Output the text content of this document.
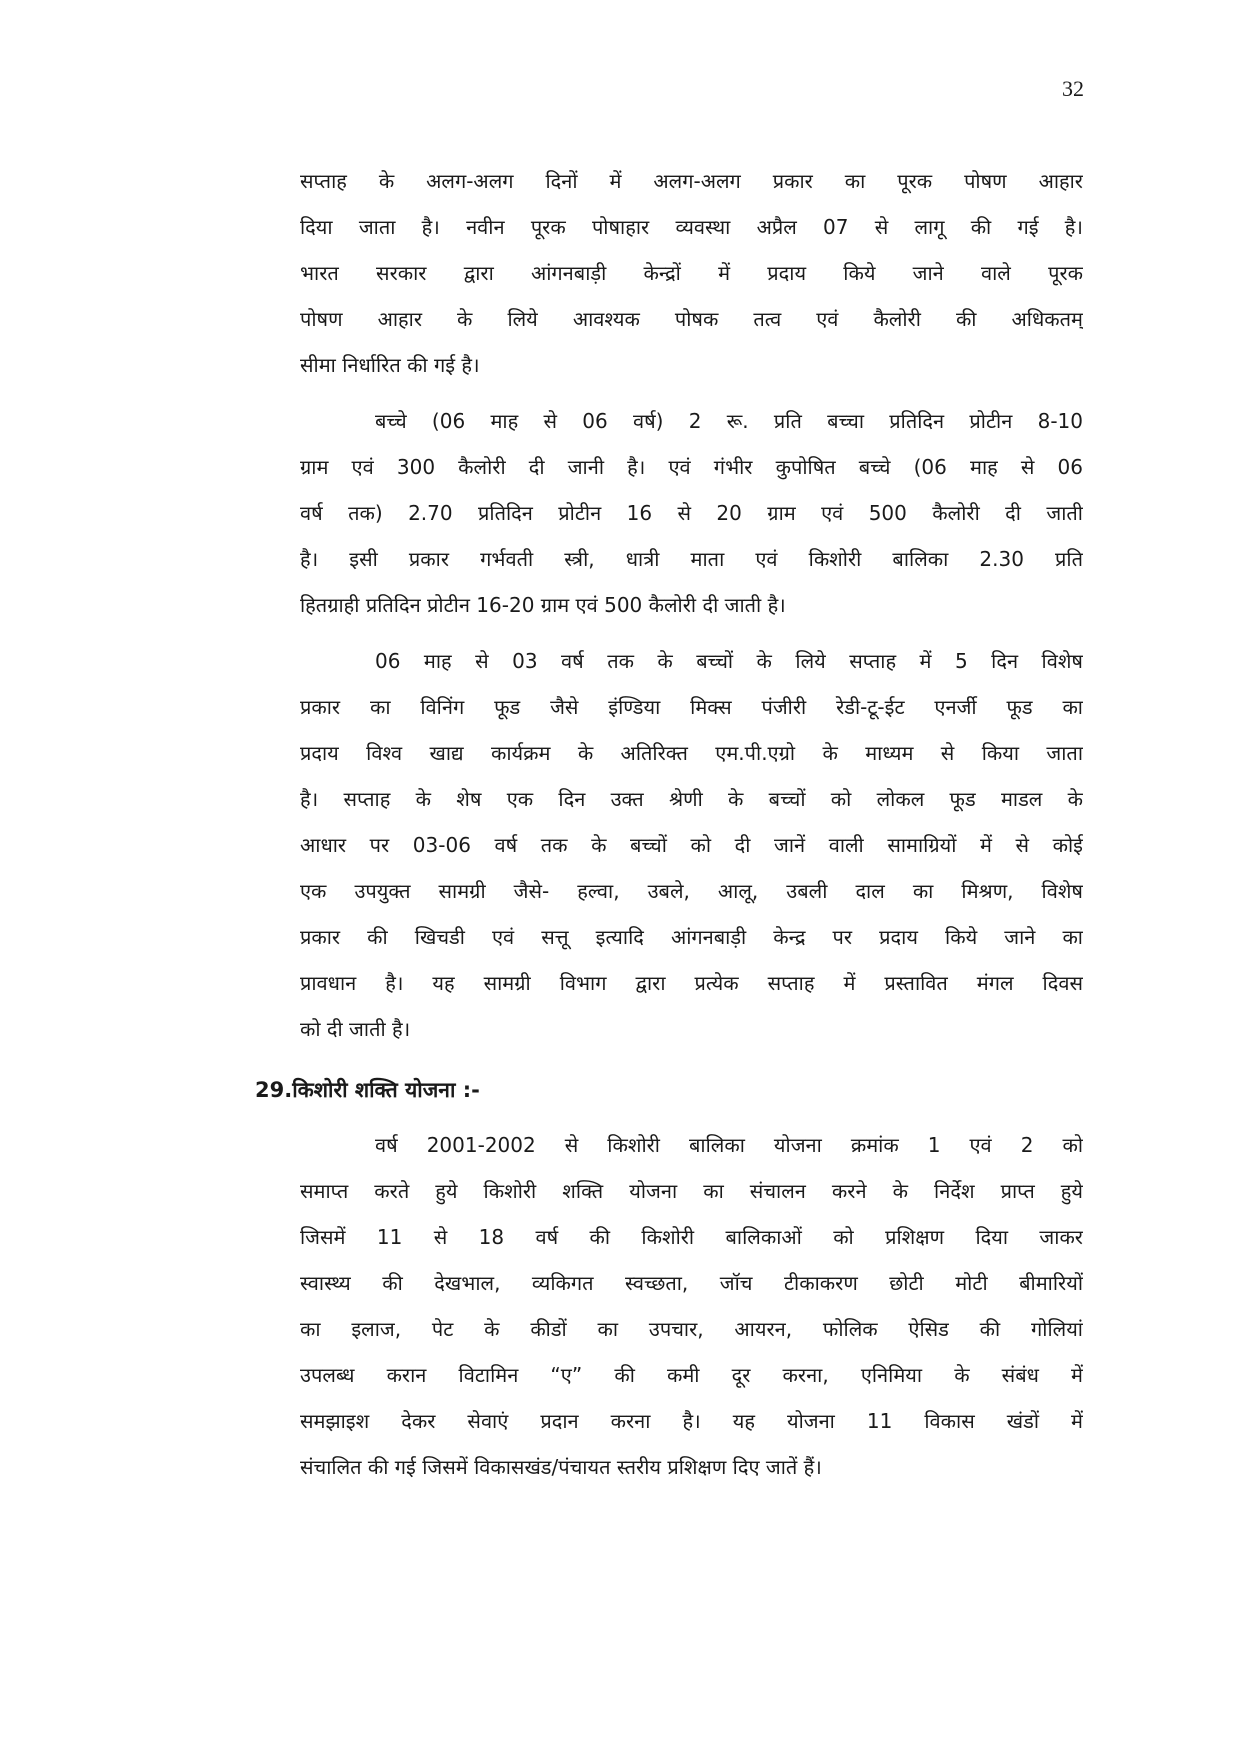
32
सप्ताह के अलग-अलग दिनों में अलग-अलग प्रकार का पूरक पोषण आहार
दिया जाता है। नवीन पूरक पोषाहार व्यवस्था अप्रैल 07 से लागू की गई है।
भारत सरकार द्वारा आंगनबाड़ी केन्द्रों में प्रदाय किये जाने वाले पूरक
पोषण आहार के लिये आवश्यक पोषक तत्व एवं कैलोरी की अधिकतम्
सीमा निर्धारित की गई है।
बच्चे (06 माह से 06 वर्ष) 2 रू. प्रति बच्चा प्रतिदिन प्रोटीन 8-10
ग्राम एवं 300 कैलोरी दी जानी है। एवं गंभीर कुपोषित बच्चे (06 माह से 06
वर्ष तक) 2.70 प्रतिदिन प्रोटीन 16 से 20 ग्राम एवं 500 कैलोरी दी जाती
है। इसी प्रकार गर्भवती स्त्री, धात्री माता एवं किशोरी बालिका 2.30 प्रति
हितग्राही प्रतिदिन प्रोटीन 16-20 ग्राम एवं 500 कैलोरी दी जाती है।
06 माह से 03 वर्ष तक के बच्चों के लिये सप्ताह में 5 दिन विशेष
प्रकार का विनिंग फूड जैसे इंण्डिया मिक्स पंजीरी रेडी-टू-ईट एनर्जी फूड का
प्रदाय विश्व खाद्य कार्यक्रम के अतिरिक्त एम.पी.एग्रो के माध्यम से किया जाता
है। सप्ताह के शेष एक दिन उक्त श्रेणी के बच्चों को लोकल फूड माडल के
आधार पर 03-06 वर्ष तक के बच्चों को दी जानें वाली सामाग्रियों में से कोई
एक उपयुक्त सामग्री जैसे- हल्वा, उबले, आलू, उबली दाल का मिश्रण, विशेष
प्रकार की खिचडी एवं सत्तू इत्यादि आंगनबाड़ी केन्द्र पर प्रदाय किये जाने का
प्रावधान है। यह सामग्री विभाग द्वारा प्रत्येक सप्ताह में प्रस्तावित मंगल दिवस
को दी जाती है।
29.किशोरी शक्ति योजना :-
वर्ष 2001-2002 से किशोरी बालिका योजना क्रमांक 1 एवं 2 को
समाप्त करते हुये किशोरी शक्ति योजना का संचालन करने के निर्देश प्राप्त हुये
जिसमें 11 से 18 वर्ष की किशोरी बालिकाओं को प्रशिक्षण दिया जाकर
स्वास्थ्य की देखभाल, व्यकिगत स्वच्छता, जॉच टीकाकरण छोटी मोटी बीमारियों
का इलाज, पेट के कीडों का उपचार, आयरन, फोलिक ऐसिड की गोलियां
उपलब्ध करान विटामिन “ए” की कमी दूर करना, एनिमिया के संबंध में
समझाइश देकर सेवाएं प्रदान करना है। यह योजना 11 विकास खंडों में
संचालित की गई जिसमें विकासखंड/पंचायत स्तरीय प्रशिक्षण दिए जातें हैं।
